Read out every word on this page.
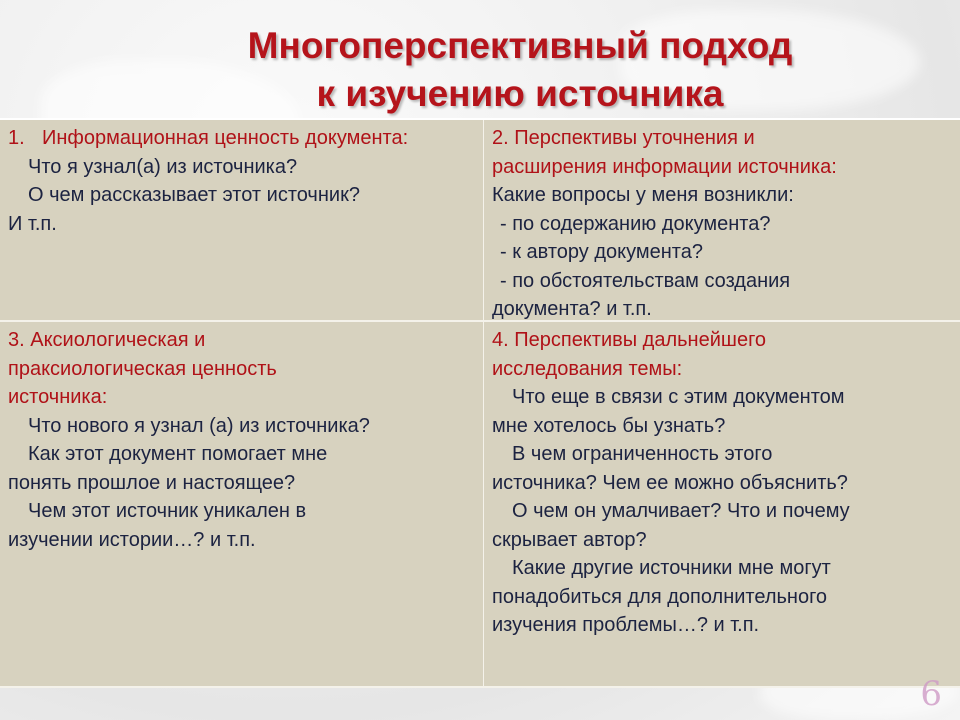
Многоперспективный подход
к изучению источника
1. Информационная ценность документа:
Что я узнал(а) из источника?
О чем рассказывает этот источник?
И т.п.
2. Перспективы уточнения и
расширения информации источника:
Какие вопросы у меня возникли:
- по содержанию документа?
- к автору документа?
- по обстоятельствам создания
документа? и т.п.
3. Аксиологическая и
праксиологическая ценность
источника:
Что нового я узнал (а) из источника?
Как этот документ помогает мне
понять прошлое и настоящее?
Чем этот источник уникален в
изучении истории…? и т.п.
4. Перспективы дальнейшего
исследования темы:
Что еще в связи с этим документом
мне хотелось бы узнать?
В чем ограниченность этого
источника? Чем ее можно объяснить?
О чем он умалчивает? Что и почему
скрывает автор?
Какие другие источники мне могут
понадобиться для дополнительного
изучения проблемы…? и т.п.
6
